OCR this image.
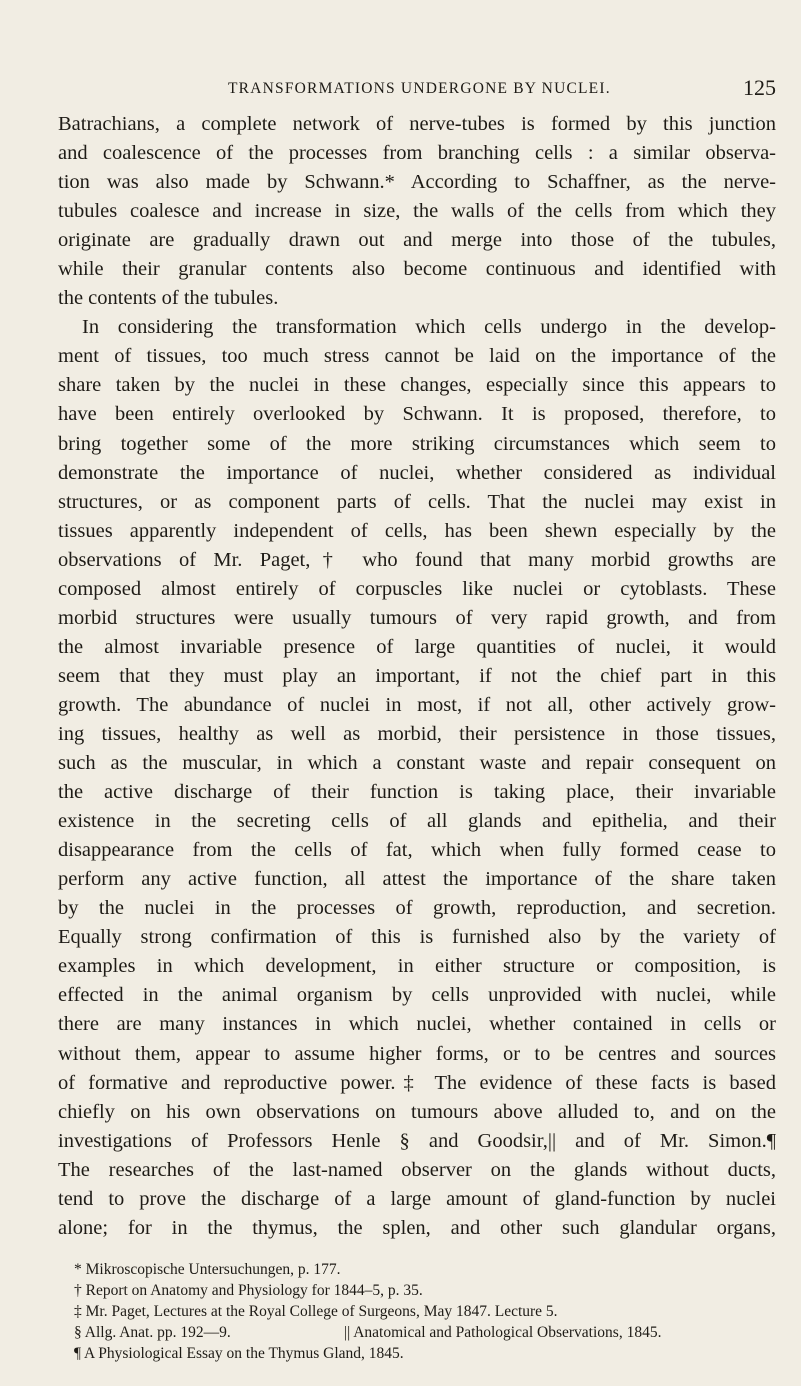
TRANSFORMATIONS UNDERGONE BY NUCLEI.	125
Batrachians, a complete network of nerve-tubes is formed by this junction
and coalescence of the processes from branching cells : a similar observa-
tion was also made by Schwann.* According to Schaffner, as the nerve-
tubules coalesce and increase in size, the walls of the cells from which they
originate are gradually drawn out and merge into those of the tubules,
while their granular contents also become continuous and identified with
the contents of the tubules.
In considering the transformation which cells undergo in the develop-
ment of tissues, too much stress cannot be laid on the importance of the
share taken by the nuclei in these changes, especially since this appears to
have been entirely overlooked by Schwann. It is proposed, therefore, to
bring together some of the more striking circumstances which seem to
demonstrate the importance of nuclei, whether considered as individual
structures, or as component parts of cells. That the nuclei may exist in
tissues apparently independent of cells, has been shewn especially by the
observations of Mr. Paget,† who found that many morbid growths are
composed almost entirely of corpuscles like nuclei or cytoblasts. These
morbid structures were usually tumours of very rapid growth, and from
the almost invariable presence of large quantities of nuclei, it would
seem that they must play an important, if not the chief part in this
growth. The abundance of nuclei in most, if not all, other actively grow-
ing tissues, healthy as well as morbid, their persistence in those tissues,
such as the muscular, in which a constant waste and repair consequent on
the active discharge of their function is taking place, their invariable
existence in the secreting cells of all glands and epithelia, and their
disappearance from the cells of fat, which when fully formed cease to
perform any active function, all attest the importance of the share taken
by the nuclei in the processes of growth, reproduction, and secretion.
Equally strong confirmation of this is furnished also by the variety of
examples in which development, in either structure or composition, is
effected in the animal organism by cells unprovided with nuclei, while
there are many instances in which nuclei, whether contained in cells or
without them, appear to assume higher forms, or to be centres and sources
of formative and reproductive power.‡ The evidence of these facts is based
chiefly on his own observations on tumours above alluded to, and on the
investigations of Professors Henle § and Goodsir,|| and of Mr. Simon.¶
The researches of the last-named observer on the glands without ducts,
tend to prove the discharge of a large amount of gland-function by nuclei
alone; for in the thymus, the splen, and other such glandular organs,
* Mikroscopische Untersuchungen, p. 177.
† Report on Anatomy and Physiology for 1844–5, p. 35.
‡ Mr. Paget, Lectures at the Royal College of Surgeons, May 1847. Lecture 5.
§ Allg. Anat. pp. 192—9.	|| Anatomical and Pathological Observations, 1845.
¶ A Physiological Essay on the Thymus Gland, 1845.
